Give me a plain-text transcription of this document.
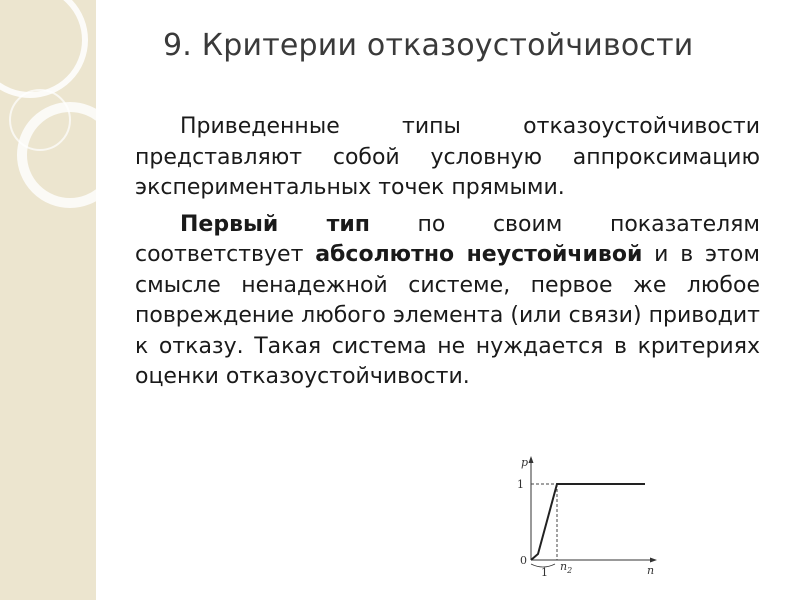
9. Критерии отказоустойчивости

Приведенные типы отказоустойчивости представляют собой условную аппроксимацию экспериментальных точек прямыми.

Первый тип по своим показателям соответствует абсолютно неустойчивой и в этом смысле ненадежной системе, первое же любое повреждение любого элемента (или связи) приводит к отказу. Такая система не нуждается в критериях оценки отказоустойчивости.

p
n
0
1
1 $n_2$
